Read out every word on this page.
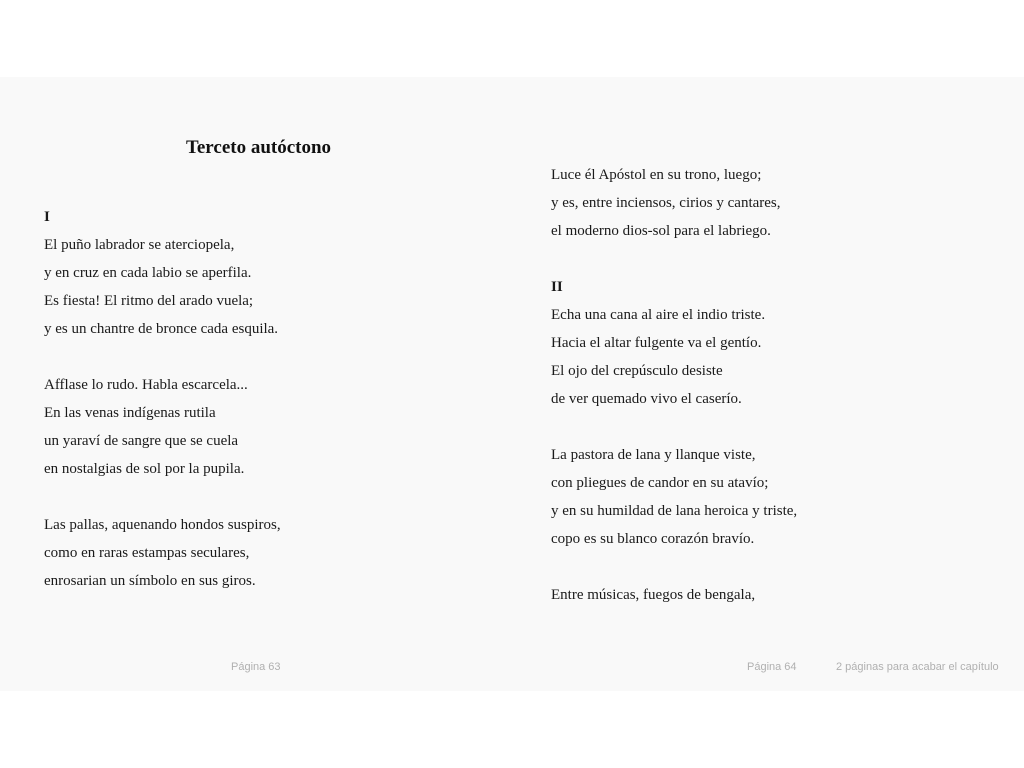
Terceto autóctono
I
El puño labrador se aterciopela,
y en cruz en cada labio se aperfila.
Es fiesta! El ritmo del arado vuela;
y es un chantre de bronce cada esquila.
Afflase lo rudo. Habla escarcela...
En las venas indígenas rutila
un yaraví de sangre que se cuela
en nostalgias de sol por la pupila.
Las pallas, aquenando hondos suspiros,
como en raras estampas seculares,
enrosarian un símbolo en sus giros.
Página 63
Luce él Apóstol en su trono, luego;
y es, entre inciensos, cirios y cantares,
el moderno dios-sol para el labriego.
II
Echa una cana al aire el indio triste.
Hacia el altar fulgente va el gentío.
El ojo del crepúsculo desiste
de ver quemado vivo el caserío.
La pastora de lana y llanque viste,
con pliegues de candor en su atavío;
y en su humildad de lana heroica y triste,
copo es su blanco corazón bravío.
Entre músicas, fuegos de bengala,
Página 64	2 páginas para acabar el capítulo
